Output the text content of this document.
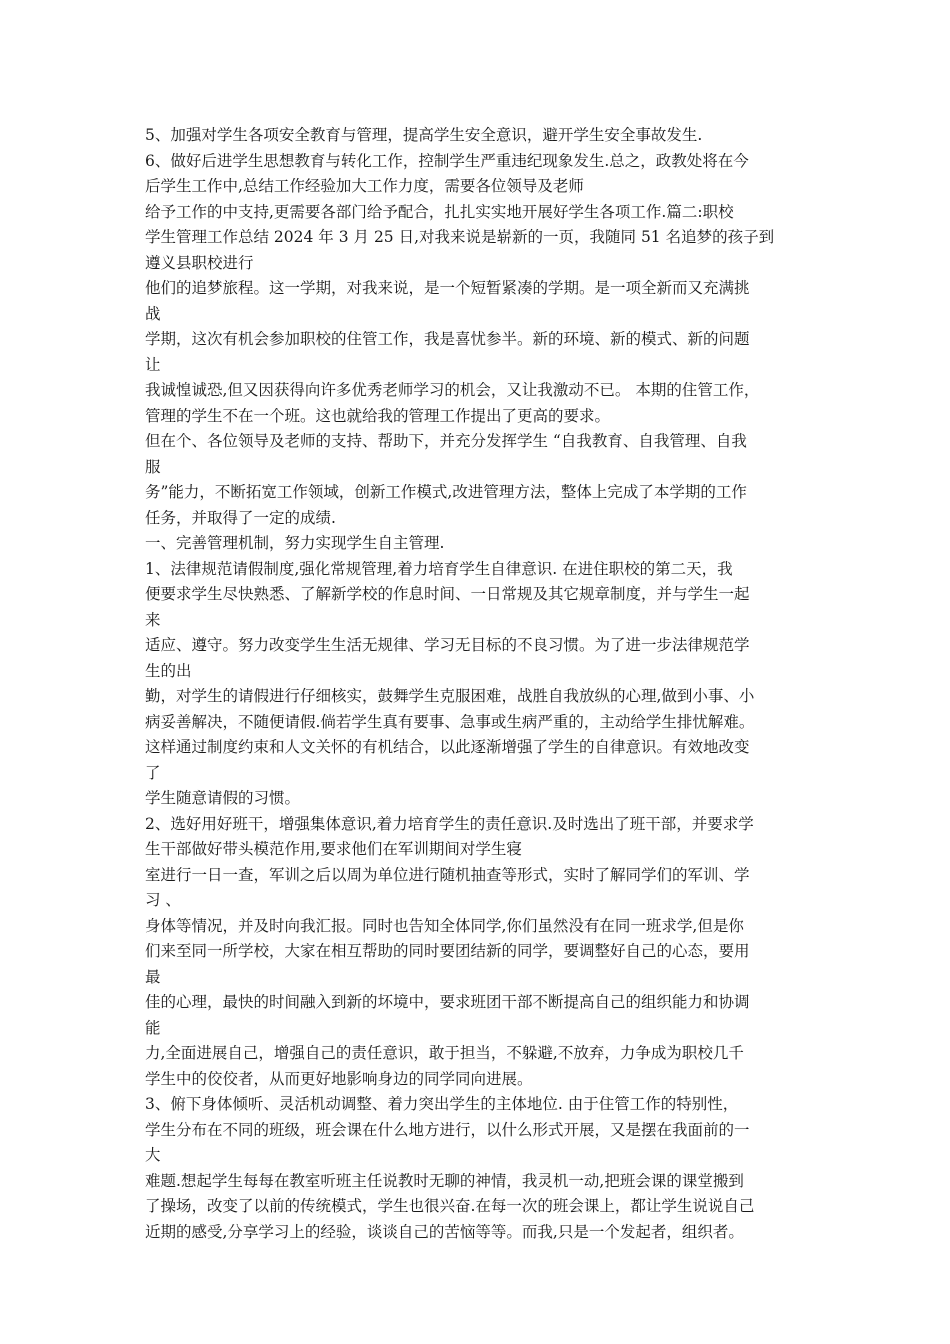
5、加强对学生各项安全教育与管理，提高学生安全意识，避开学生安全事故发生.
6、做好后进学生思想教育与转化工作，控制学生严重违纪现象发生.总之，政教处将在今
后学生工作中,总结工作经验加大工作力度，需要各位领导及老师
给予工作的中支持,更需要各部门给予配合，扎扎实实地开展好学生各项工作.篇二:职校
学生管理工作总结 2024 年 3 月 25 日,对我来说是崭新的一页，我随同 51 名追梦的孩子到
遵义县职校进行
他们的追梦旅程。这一学期，对我来说，是一个短暂紧凑的学期。是一项全新而又充满挑
战
学期，这次有机会参加职校的住管工作，我是喜忧参半。新的环境、新的模式、新的问题
让
我诚惶诚恐,但又因获得向许多优秀老师学习的机会，又让我激动不已。 本期的住管工作，
管理的学生不在一个班。这也就给我的管理工作提出了更高的要求。
但在个、各位领导及老师的支持、帮助下，并充分发挥学生 “自我教育、自我管理、自我
服
务”能力，不断拓宽工作领域，创新工作模式,改进管理方法，整体上完成了本学期的工作
任务，并取得了一定的成绩.
一、完善管理机制，努力实现学生自主管理.
1、法律规范请假制度,强化常规管理,着力培育学生自律意识. 在进住职校的第二天，我
便要求学生尽快熟悉、了解新学校的作息时间、一日常规及其它规章制度，并与学生一起
来
适应、遵守。努力改变学生生活无规律、学习无目标的不良习惯。为了进一步法律规范学
生的出
勤，对学生的请假进行仔细核实，鼓舞学生克服困难，战胜自我放纵的心理,做到小事、小
病妥善解决，不随便请假.倘若学生真有要事、急事或生病严重的，主动给学生排忧解难。
这样通过制度约束和人文关怀的有机结合，以此逐渐增强了学生的自律意识。有效地改变
了
学生随意请假的习惯。
2、选好用好班干，增强集体意识,着力培育学生的责任意识.及时选出了班干部，并要求学
生干部做好带头模范作用,要求他们在军训期间对学生寝
室进行一日一查，军训之后以周为单位进行随机抽查等形式，实时了解同学们的军训、学
习 、
身体等情况，并及时向我汇报。同时也告知全体同学,你们虽然没有在同一班求学,但是你
们来至同一所学校，大家在相互帮助的同时要团结新的同学，要调整好自己的心态，要用
最
佳的心理，最快的时间融入到新的坏境中，要求班团干部不断提高自己的组织能力和协调
能
力,全面进展自己，增强自己的责任意识，敢于担当，不躲避,不放弃，力争成为职校几千
学生中的佼佼者，从而更好地影响身边的同学同向进展。
3、俯下身体倾听、灵活机动调整、着力突出学生的主体地位. 由于住管工作的特别性，
学生分布在不同的班级，班会课在什么地方进行，以什么形式开展，又是摆在我面前的一
大
难题.想起学生每每在教室听班主任说教时无聊的神情，我灵机一动,把班会课的课堂搬到
了操场，改变了以前的传统模式，学生也很兴奋.在每一次的班会课上，都让学生说说自己
近期的感受,分享学习上的经验，谈谈自己的苦恼等等。而我,只是一个发起者，组织者。
